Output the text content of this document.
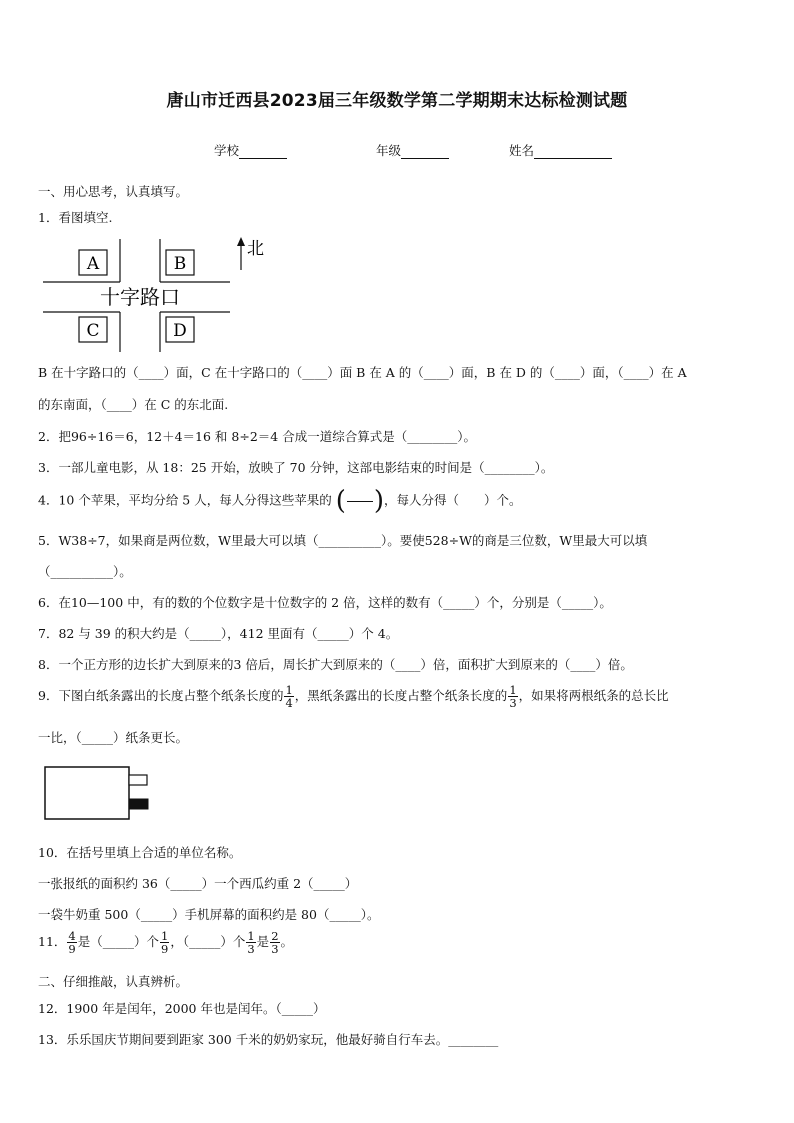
唐山市迁西县2023届三年级数学第二学期期末达标检测试题
学校	年级	姓名
一、用心思考，认真填写。
1．看图填空.
A	B
C	D
十字路口
北
B 在十字路口的（____）面，C 在十字路口的（____）面 B 在 A 的（____）面，B 在 D 的（____）面，（____）在 A
的东南面，（____）在 C 的东北面.
2．把96÷16＝6，12＋4＝16 和 8÷2＝4 合成一道综合算式是（________）。
3．一部儿童电影，从 18：25 开始，放映了 70 分钟，这部电影结束的时间是（________）。
4．10 个苹果，平均分给 5 人，每人分得这些苹果的 ( )，每人分得（　　）个。
5．W38÷7，如果商是两位数，W里最大可以填（__________）。要使528÷W的商是三位数，W里最大可以填
（__________）。
6．在10—100 中，有的数的个位数字是十位数字的 2 倍，这样的数有（_____）个，分别是（_____）。
7．82 与 39 的积大约是（_____），412 里面有（_____）个 4。
8．一个正方形的边长扩大到原来的3 倍后，周长扩大到原来的（____）倍，面积扩大到原来的（____）倍。
9．下图白纸条露出的长度占整个纸条长度的 $\frac{1}{4}$ ，黑纸条露出的长度占整个纸条长度的 $\frac{1}{3}$ ，如果将两根纸条的总长比
一比，（_____）纸条更长。
10．在括号里填上合适的单位名称。
一张报纸的面积约 36（_____）一个西瓜约重 2（_____）
一袋牛奶重 500（_____）手机屏幕的面积约是 80（_____）。
11． $\frac{4}{9}$ 是（_____）个 $\frac{1}{9}$ ，（_____）个 $\frac{1}{3}$ 是 $\frac{2}{3}$ 。
二、仔细推敲，认真辨析。
12．1900 年是闰年，2000 年也是闰年。（_____）
13．乐乐国庆节期间要到距家 300 千米的奶奶家玩，他最好骑自行车去。________
